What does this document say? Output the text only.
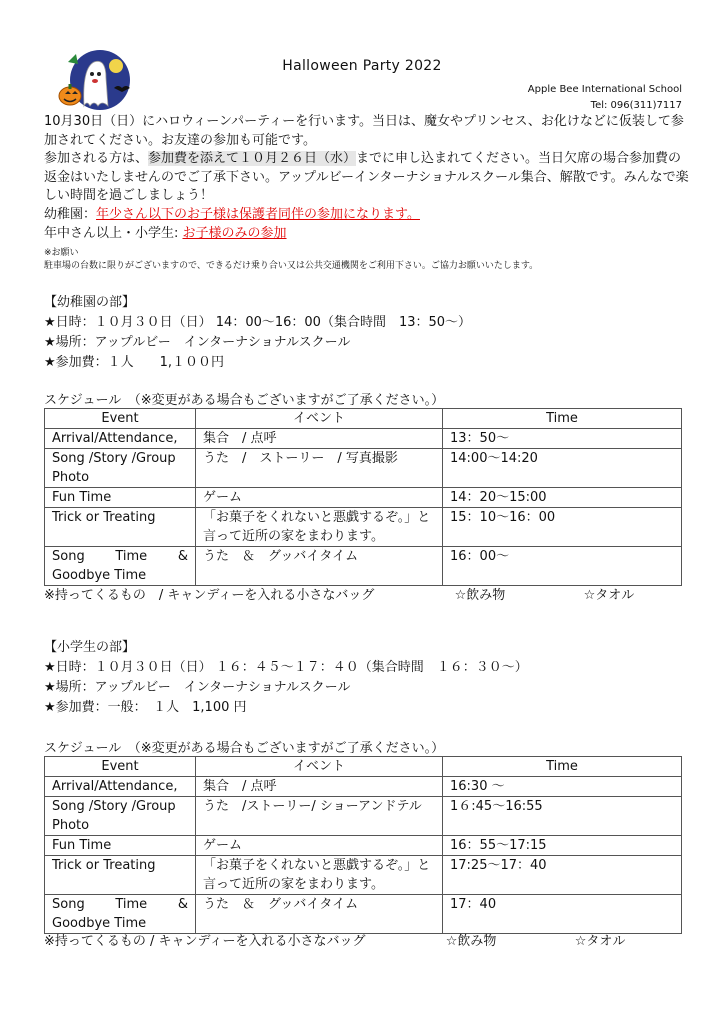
Halloween Party 2022
Apple Bee International School
Tel: 096(311)7117

10月30日（日）にハロウィーンパーティーを行います。当日は、魔女やプリンセス、お化けなどに仮装して参加されてください。お友達の参加も可能です。

参加される方は、参加費を添えて１０月２６日（水）までに申し込まれてください。当日欠席の場合参加費の返金はいたしませんのでご了承下さい。アップルビーインターナショナルスクール集合、解散です。みんなで楽しい時間を過ごしましょう！

幼稚園：年少さん以下のお子様は保護者同伴の参加になります。

年中さん以上・小学生: お子様のみの参加

※お願い
駐車場の台数に限りがございますので、できるだけ乗り合い又は公共交通機関をご利用下さい。ご協力お願いいたします。

【幼稚園の部】

★日時：１０月３０日（日） 14：00〜16：00（集合時間　13：50〜）

★場所：アップルビー　インターナショナルスクール

★参加費：１人　　1,１００円

スケジュール　（※変更がある場合もございますがご了承ください。）
Event	イベント	Time
Arrival/Attendance,	集合　/ 点呼	13：50〜
Song /Story /Group Photo	うた　/　ストーリー　/ 写真撮影	14:00〜14:20
Fun Time	ゲーム	14：20〜15:00
Trick or Treating	「お菓子をくれないと悪戯するぞ。」と言って近所の家をまわります。	15：10〜16：00

Song Time &
Goodbye Time	うた　＆　グッバイタイム	16：00〜
※持ってくるもの　/ キャンディーを入れる小さなバッグ	☆飲み物	☆タオル

【小学生の部】

★日時：１０月３０日（日） １６：４５〜１７：４０（集合時間　１６：３０〜）

★場所：アップルビー　インターナショナルスクール

★参加費：一般：　１人　1,100 円

スケジュール　（※変更がある場合もございますがご了承ください。）
Event	イベント	Time
Arrival/Attendance,	集合　/ 点呼	16:30 〜
Song /Story /Group Photo	うた　/ストーリー/ ショーアンドテル	1６:45〜16:55
Fun Time	ゲーム	16：55〜17:15
Trick or Treating	「お菓子をくれないと悪戯するぞ。」と言って近所の家をまわります。	17:25〜17：40

Song Time &
Goodbye Time	うた　＆　グッバイタイム	17：40
※持ってくるもの / キャンディーを入れる小さなバッグ	☆飲み物	☆タオル
